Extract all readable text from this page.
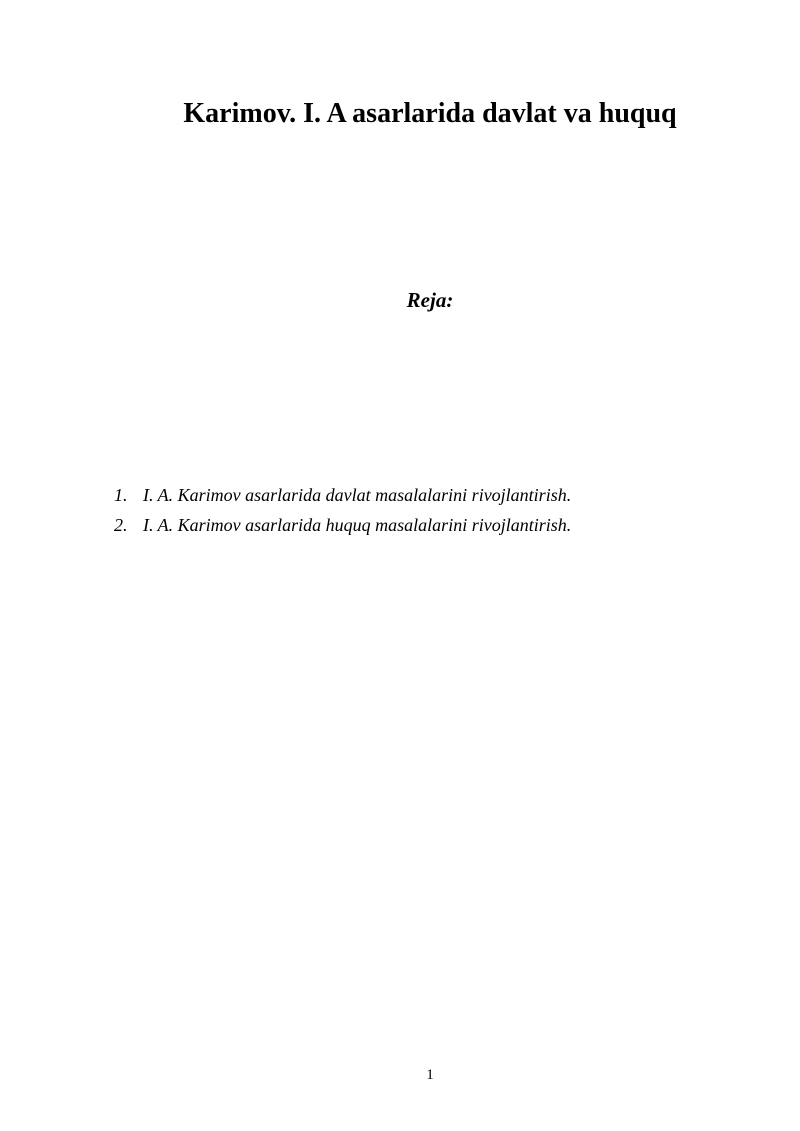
Karimov. I. A asarlarida davlat va huquq
Reja:
1. I. A. Karimov asarlarida davlat masalalarini rivojlantirish.
2. I. A. Karimov asarlarida huquq masalalarini rivojlantirish.
1
